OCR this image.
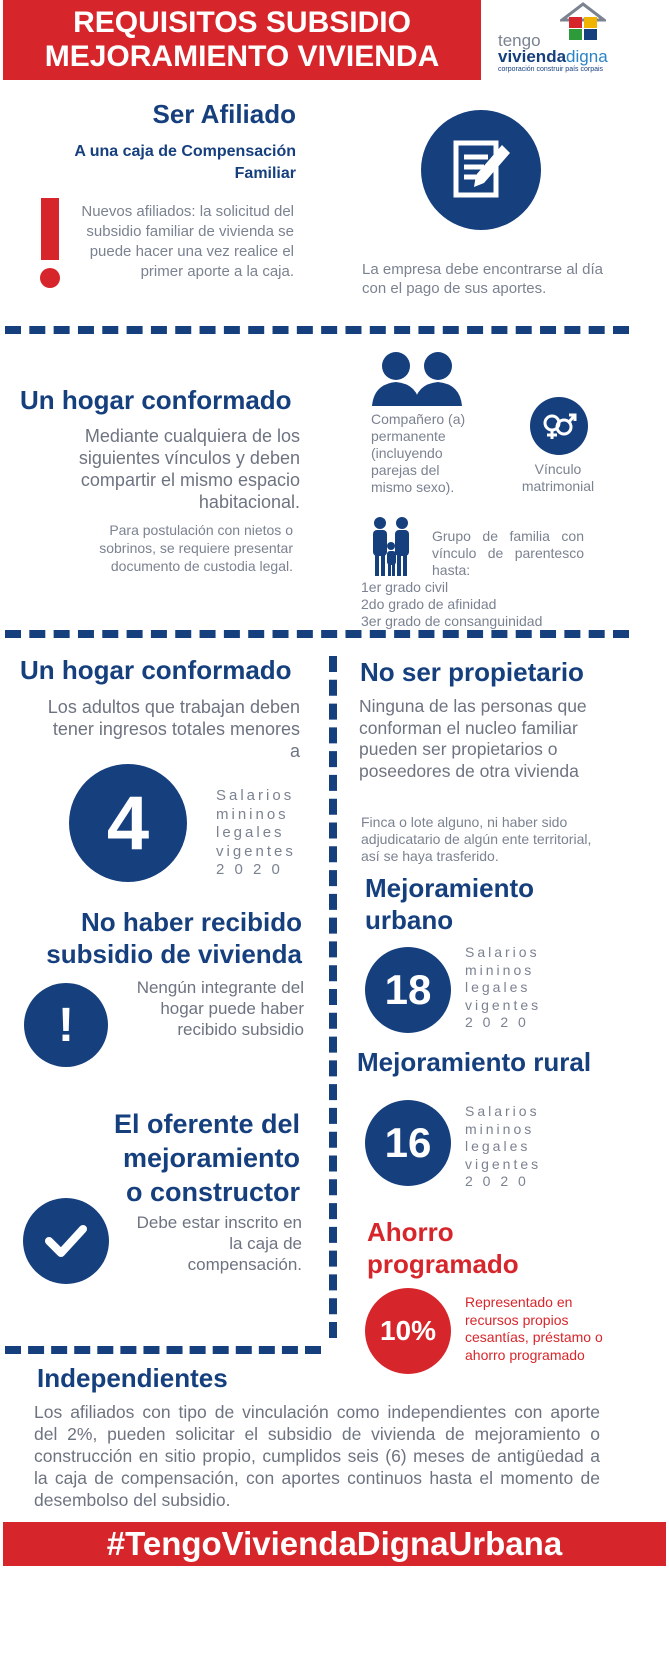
REQUISITOS SUBSIDIO
MEJORAMIENTO VIVIENDA	tengo
viviendadigna
corporación construir país corpais
Ser Afiliado
A una caja de Compensación
Familiar
Nuevos afiliados: la solicitud del subsidio familiar de vivienda se puede hacer una vez realice el primer aporte a la caja.	La empresa debe encontrarse al día con el pago de sus aportes.
Un hogar conformado
Mediante cualquiera de los siguientes vínculos y deben compartir el mismo espacio habitacional.
Para postulación con nietos o sobrinos, se requiere presentar documento de custodia legal.
Compañero (a) permanente (incluyendo parejas del mismo sexo).
Vínculo matrimonial
Grupo de familia con vínculo de parentesco hasta:
1er grado civil
2do grado de afinidad
3er grado de consanguinidad
Un hogar conformado
Los adultos que trabajan deben tener ingresos totales menores a
4	Salarios
mininos
legales
vigentes
2 0 2 0
No haber recibido
subsidio de vivienda
!
Nengún integrante del hogar puede haber recibido subsidio
El oferente del
mejoramiento
o constructor
Debe estar inscrito en la caja de compensación.
No ser propietario
Ninguna de las personas que conforman el nucleo familiar pueden ser propietarios o poseedores de otra vivienda
Finca o lote alguno, ni haber sido adjudicatario de algún ente territorial, así se haya trasferido.
Mejoramiento
urbano
18
Salarios
mininos
legales
vigentes
2 0 2 0
Mejoramiento rural
16
Salarios
mininos
legales
vigentes
2 0 2 0
Ahorro
programado
10%
Representado en recursos propios cesantías, préstamo o ahorro programado
Independientes
Los afiliados con tipo de vinculación como independientes con aporte del 2%, pueden solicitar el subsidio de vivienda de mejoramiento o construcción en sitio propio, cumplidos seis (6) meses de antigüedad a la caja de compensación, con aportes continuos hasta el momento de desembolso del subsidio.
#TengoViviendaDignaUrbana
